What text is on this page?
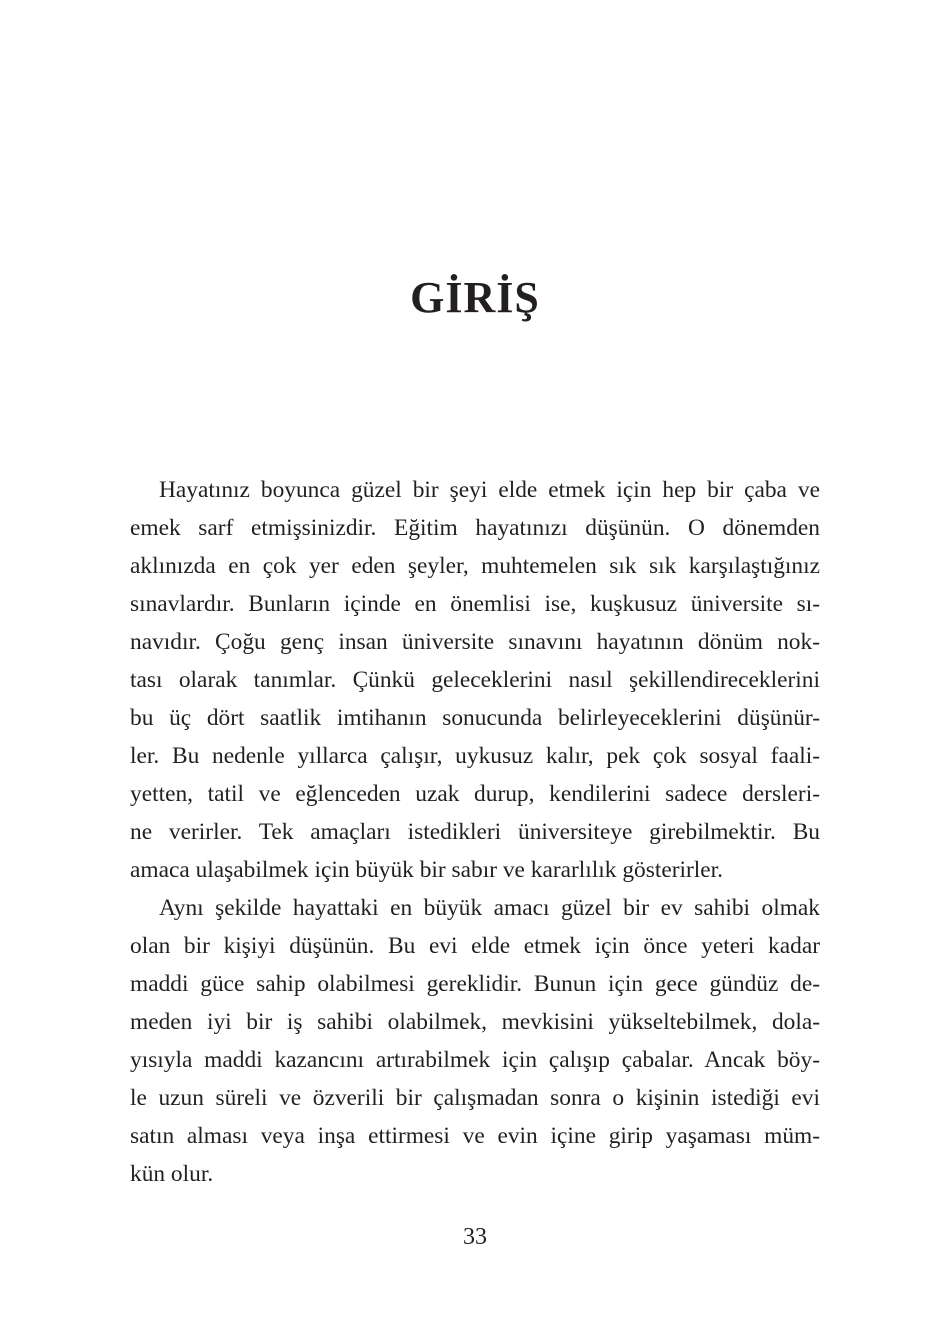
GİRİŞ
Hayatınız boyunca güzel bir şeyi elde etmek için hep bir çaba ve
emek sarf etmişsinizdir. Eğitim hayatınızı düşünün. O dönemden
aklınızda en çok yer eden şeyler, muhtemelen sık sık karşılaştığınız
sınavlardır. Bunların içinde en önemlisi ise, kuşkusuz üniversite sı-
navıdır. Çoğu genç insan üniversite sınavını hayatının dönüm nok-
tası olarak tanımlar. Çünkü geleceklerini nasıl şekillendireceklerini
bu üç dört saatlik imtihanın sonucunda belirleyeceklerini düşünür-
ler. Bu nedenle yıllarca çalışır, uykusuz kalır, pek çok sosyal faali-
yetten, tatil ve eğlenceden uzak durup, kendilerini sadece dersleri-
ne verirler. Tek amaçları istedikleri üniversiteye girebilmektir. Bu
amaca ulaşabilmek için büyük bir sabır ve kararlılık gösterirler.
Aynı şekilde hayattaki en büyük amacı güzel bir ev sahibi olmak
olan bir kişiyi düşünün. Bu evi elde etmek için önce yeteri kadar
maddi güce sahip olabilmesi gereklidir. Bunun için gece gündüz de-
meden iyi bir iş sahibi olabilmek, mevkisini yükseltebilmek, dola-
yısıyla maddi kazancını artırabilmek için çalışıp çabalar. Ancak böy-
le uzun süreli ve özverili bir çalışmadan sonra o kişinin istediği evi
satın alması veya inşa ettirmesi ve evin içine girip yaşaması müm-
kün olur.
33
